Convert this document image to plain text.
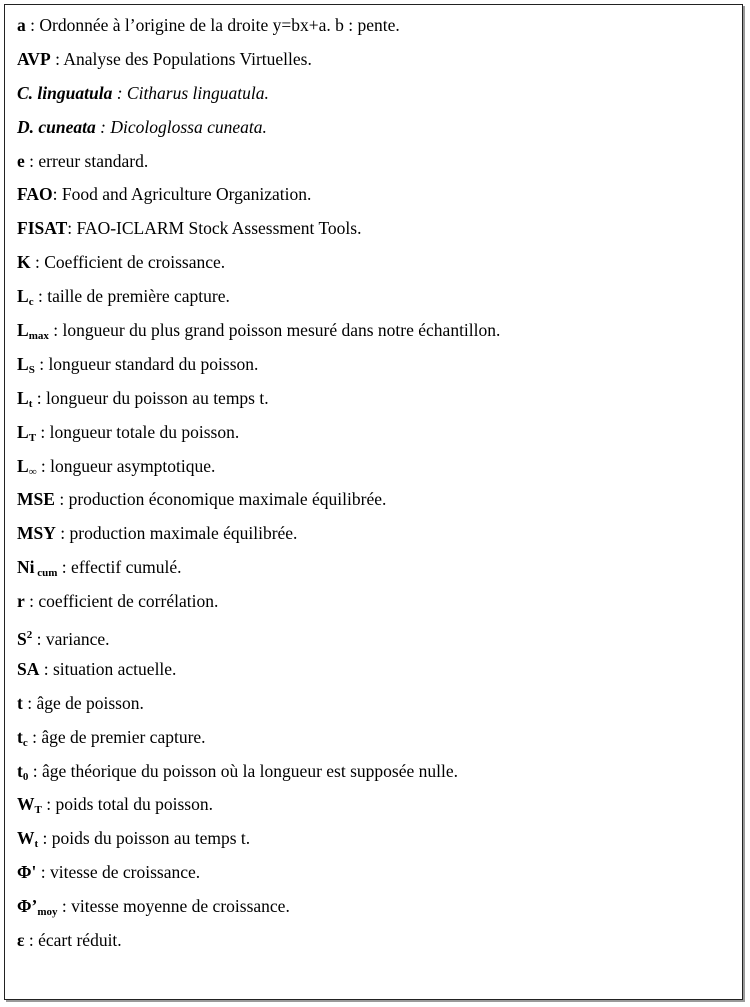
a : Ordonnée à l’origine de la droite y=bx+a. b : pente.
AVP : Analyse des Populations Virtuelles.
C. linguatula : Citharus linguatula.
D. cuneata : Dicologlossa cuneata.
e : erreur standard.
FAO: Food and Agriculture Organization.
FISAT: FAO-ICLARM Stock Assessment Tools.
K : Coefficient de croissance.
$L_c$ : taille de première capture.
$L_{max}$ : longueur du plus grand poisson mesuré dans notre échantillon.
$L_S$ : longueur standard du poisson.
$L_t$ : longueur du poisson au temps t.
$L_T$ : longueur totale du poisson.
$L_\infty$ : longueur asymptotique.
MSE : production économique maximale équilibrée.
MSY : production maximale équilibrée.
Ni $_{cum}$ : effectif cumulé.
r : coefficient de corrélation.
$S^2$ : variance.
SA : situation actuelle.
t : âge de poisson.
$t_c$ : âge de premier capture.
$t_0$ : âge théorique du poisson où la longueur est supposée nulle.
$W_T$ : poids total du poisson.
$W_t$ : poids du poisson au temps t.
Φ' : vitesse de croissance.
$\Phi’_{moy}$ : vitesse moyenne de croissance.
ε : écart réduit.
